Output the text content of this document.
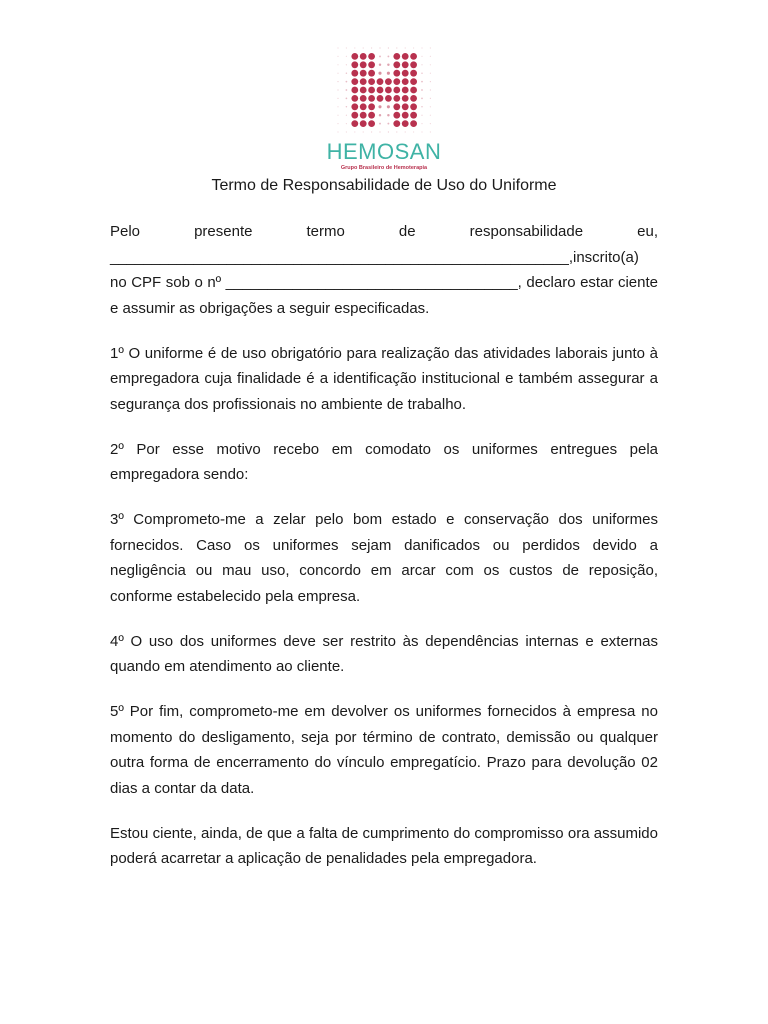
HEMOSAN
Grupo Brasileiro de Hemoterapia
Termo de Responsabilidade de Uso do Uniforme

Pelo presente termo de responsabilidade eu,

_______________________________________________________,inscrito(a)

no CPF sob o nº ___________________________________, declaro estar ciente e assumir as obrigações a seguir especificadas.

1º O uniforme é de uso obrigatório para realização das atividades laborais junto à empregadora cuja finalidade é a identificação institucional e também assegurar a segurança dos profissionais no ambiente de trabalho.

2º Por esse motivo recebo em comodato os uniformes entregues pela empregadora sendo:

3º Comprometo-me a zelar pelo bom estado e conservação dos uniformes fornecidos. Caso os uniformes sejam danificados ou perdidos devido a negligência ou mau uso, concordo em arcar com os custos de reposição, conforme estabelecido pela empresa.

4º O uso dos uniformes deve ser restrito às dependências internas e externas quando em atendimento ao cliente.

5º Por fim, comprometo-me em devolver os uniformes fornecidos à empresa no momento do desligamento, seja por término de contrato, demissão ou qualquer outra forma de encerramento do vínculo empregatício. Prazo para devolução 02 dias a contar da data.

Estou ciente, ainda, de que a falta de cumprimento do compromisso ora assumido poderá acarretar a aplicação de penalidades pela empregadora.
